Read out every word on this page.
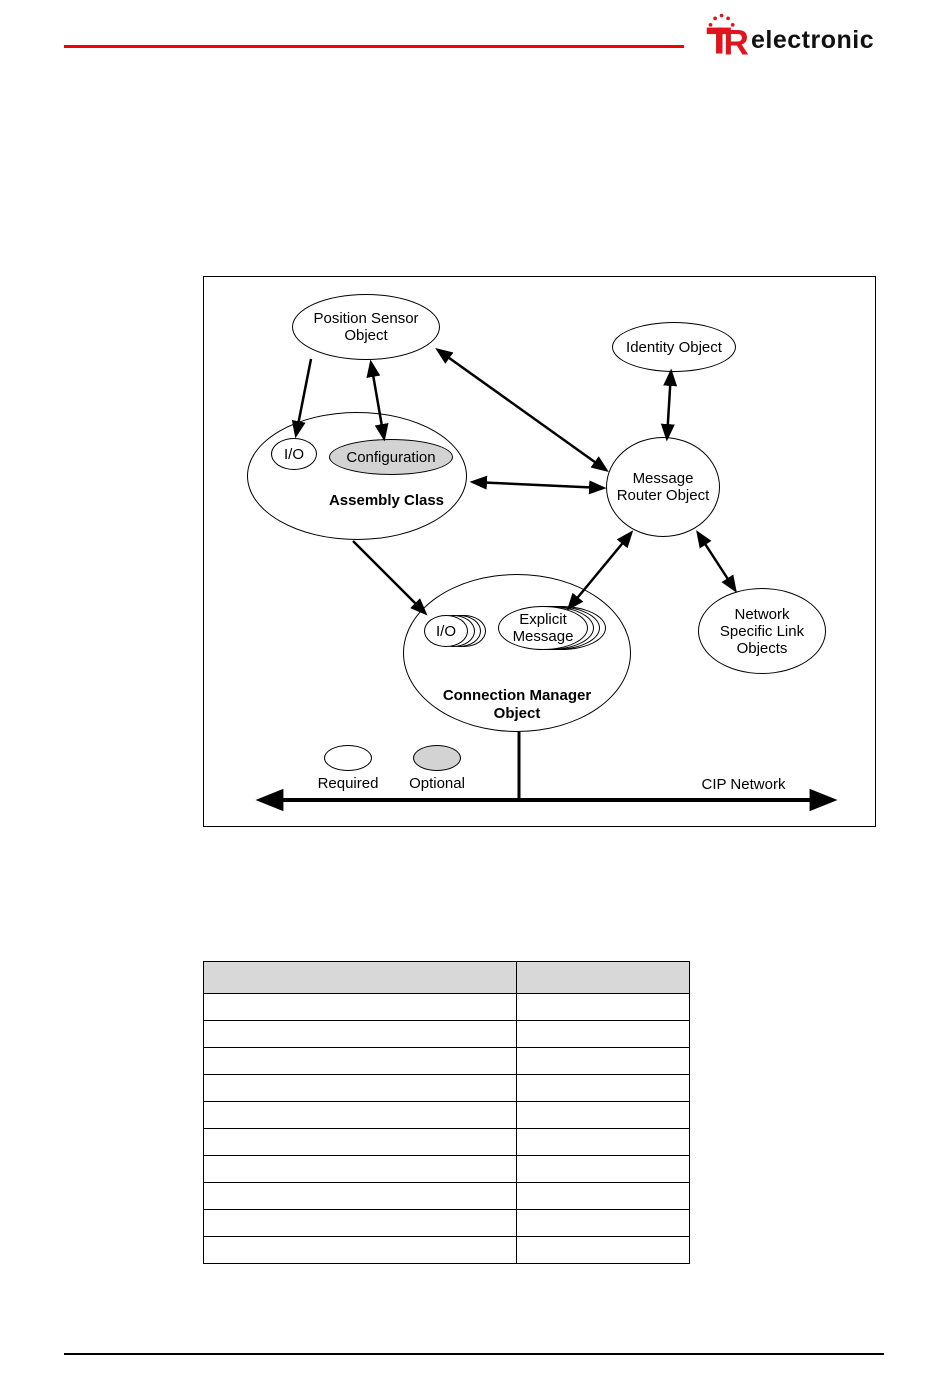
R electronic
Position Sensor
Object
Identity Object
I/O	Configuration
Assembly Class
Message
Router Object
I/O
Explicit
Message
Connection Manager
Object
Network
Specific Link
Objects
Required	Optional	CIP Network
